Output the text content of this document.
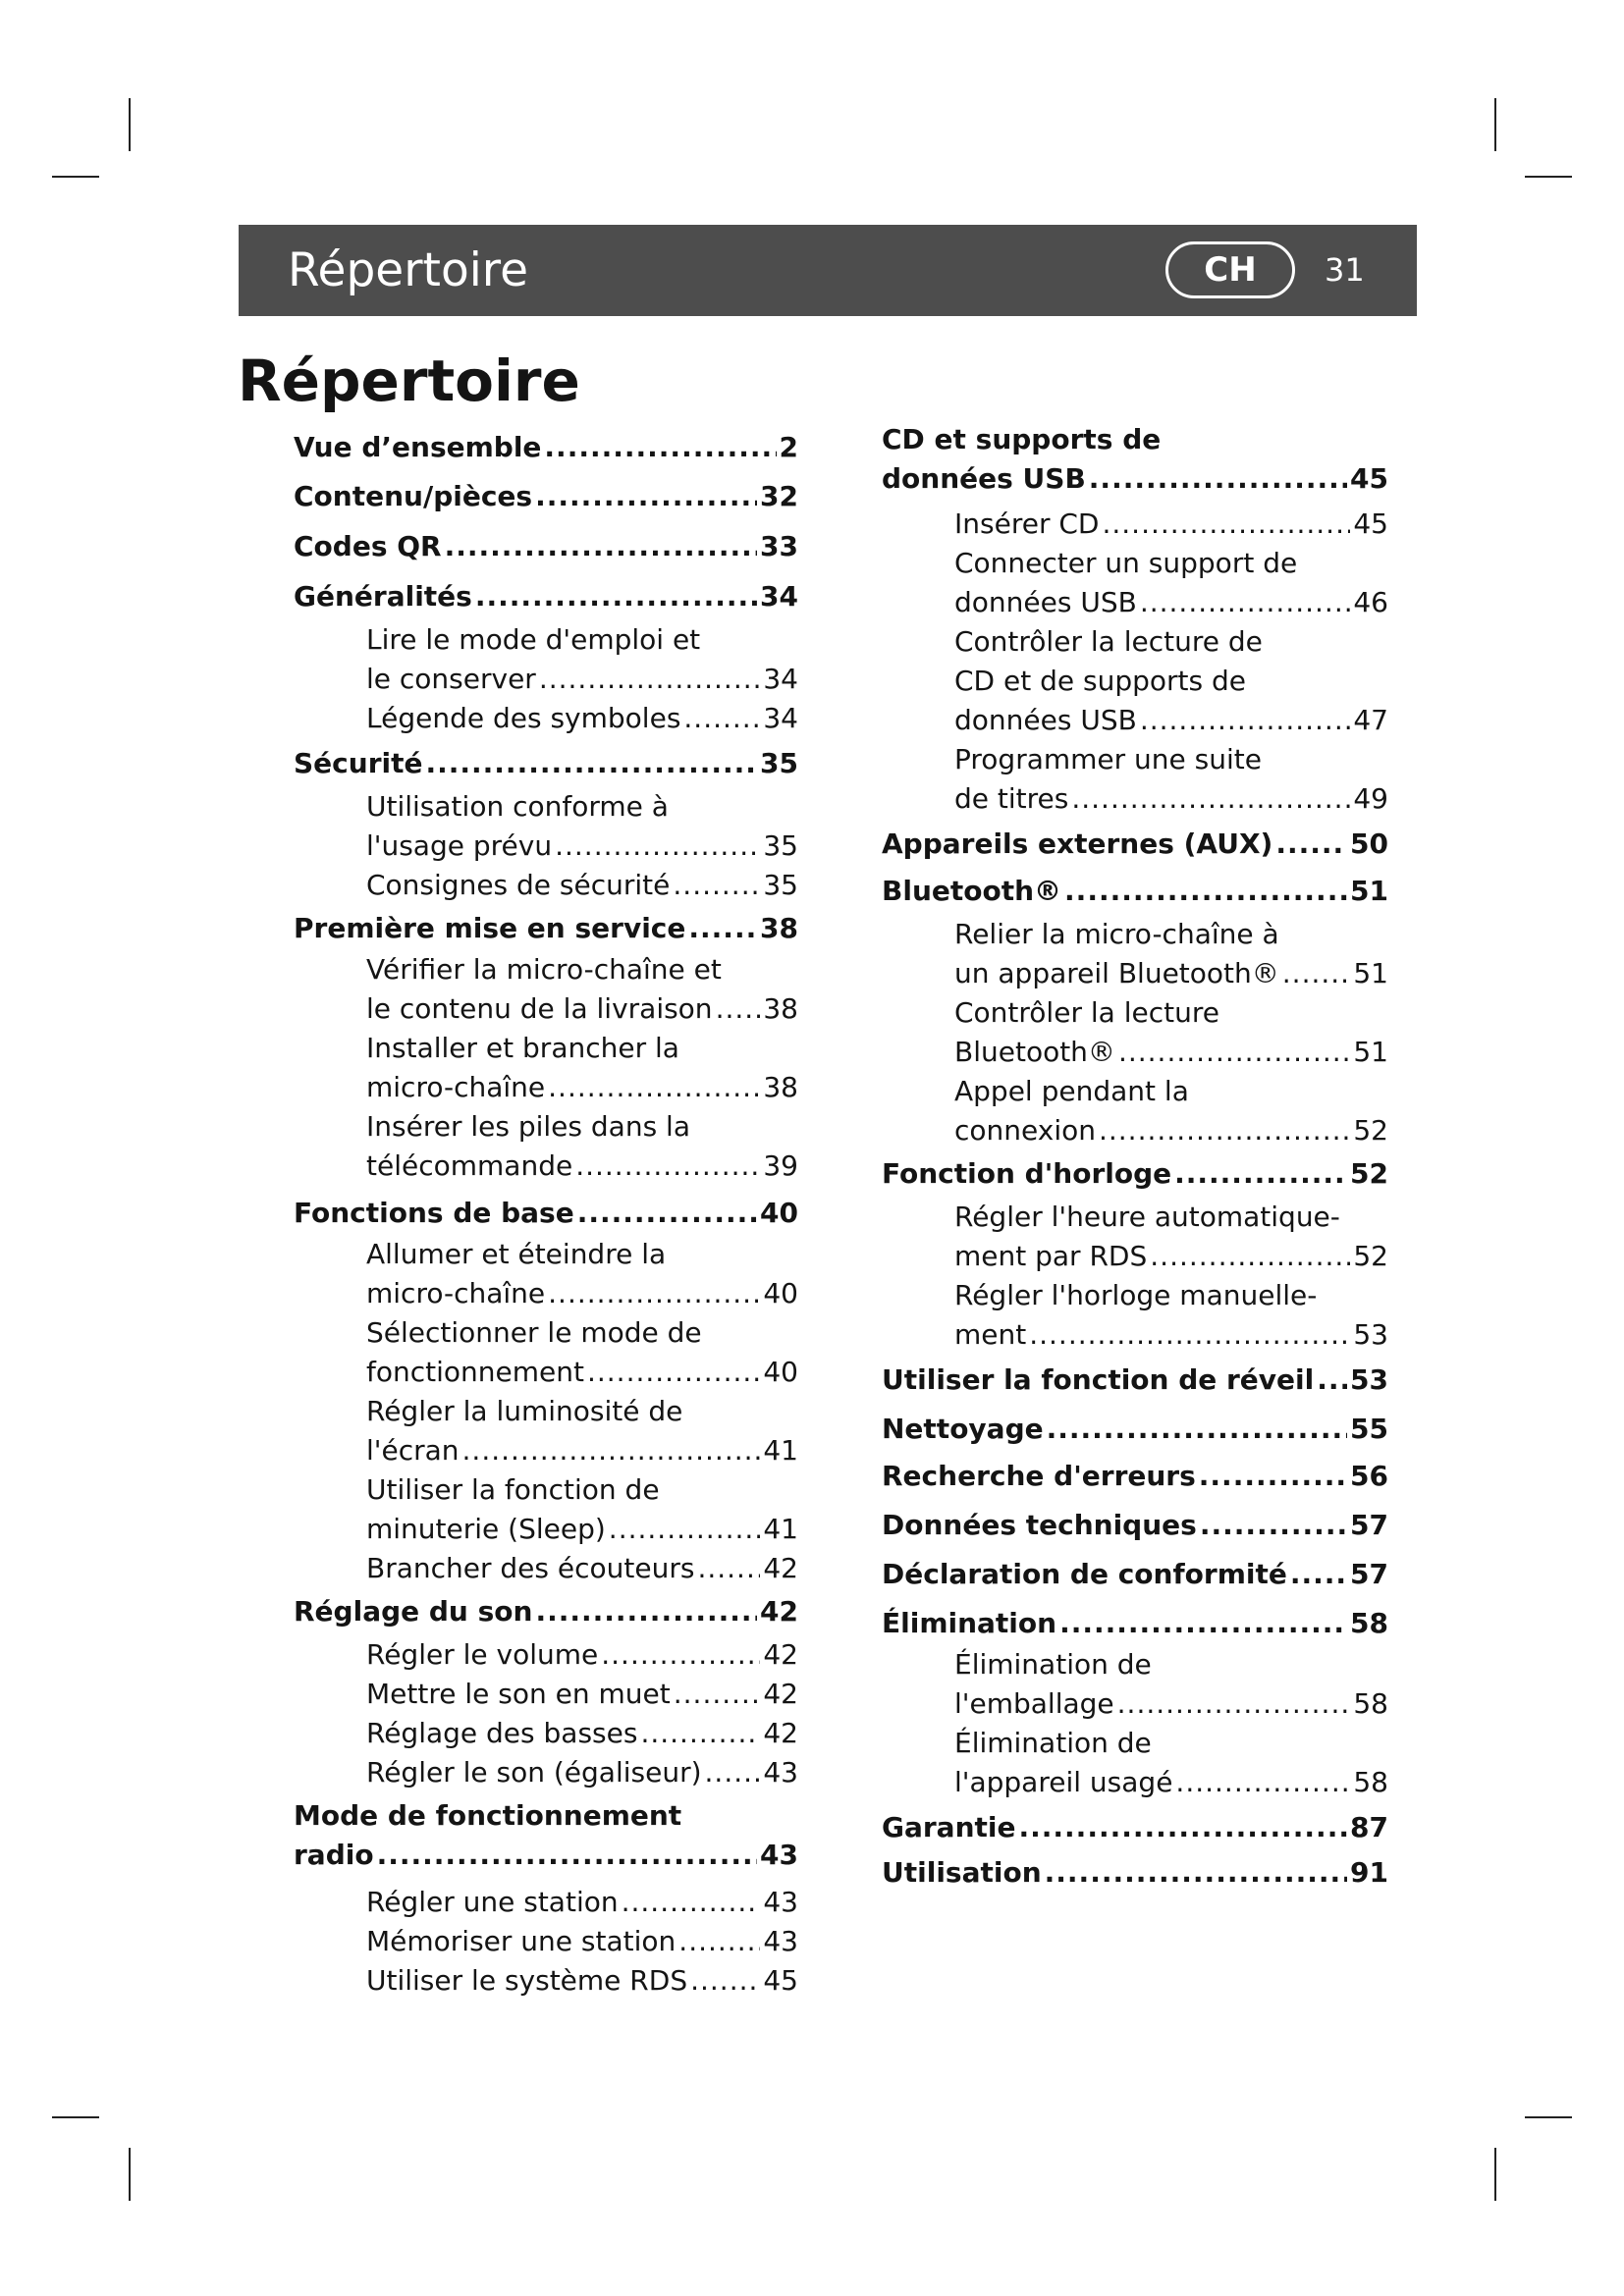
Répertoire	CH	31
Répertoire
Vue d’ensemble .....	2
Contenu/pièces .....	32
Codes QR .....	33
Généralités .....	34
Lire le mode d'emploi et
le conserver .....	34
Légende des symboles .....	34
Sécurité .....	35
Utilisation conforme à
l'usage prévu .....	35
Consignes de sécurité .....	35
Première mise en service .....	38
Vérifier la micro-chaîne et
le contenu de la livraison ..... 38
Installer et brancher la
micro-chaîne .....	38
Insérer les piles dans la
télécommande .....	39
Fonctions de base .....	40
Allumer et éteindre la
micro-chaîne .....	40
Sélectionner le mode de
fonctionnement .....	40
Régler la luminosité de
l'écran .....	41
Utiliser la fonction de
minuterie (Sleep) .....	41
Brancher des écouteurs ..... 42
Réglage du son .....	42
Régler le volume .....	42
Mettre le son en muet .....	42
Réglage des basses .....	42
Régler le son (égaliseur) ..... 43
Mode de fonctionnement
radio .....	43
Régler une station .....	43
Mémoriser une station .....	43
Utiliser le système RDS .....	45
CD et supports de
données USB .....	45
Insérer CD .....	45
Connecter un support de
données USB .....	46
Contrôler la lecture de
CD et de supports de
données USB .....	47
Programmer une suite
de titres .....	49
Appareils externes (AUX) .....	50
Bluetooth® .....	51
Relier la micro-chaîne à
un appareil Bluetooth® .....	51
Contrôler la lecture
Bluetooth® .....	51
Appel pendant la
connexion .....	52
Fonction d'horloge .....	52
Régler l'heure automatique-
ment par RDS .....	52
Régler l'horloge manuelle-
ment .....	53
Utiliser la fonction de réveil ..... 53
Nettoyage .....	55
Recherche d'erreurs .....	56
Données techniques .....	57
Déclaration de conformité ..... 57
Élimination .....	58
Élimination de
l'emballage .....	58
Élimination de
l'appareil usagé .....	58
Garantie .....	87
Utilisation .....	91
